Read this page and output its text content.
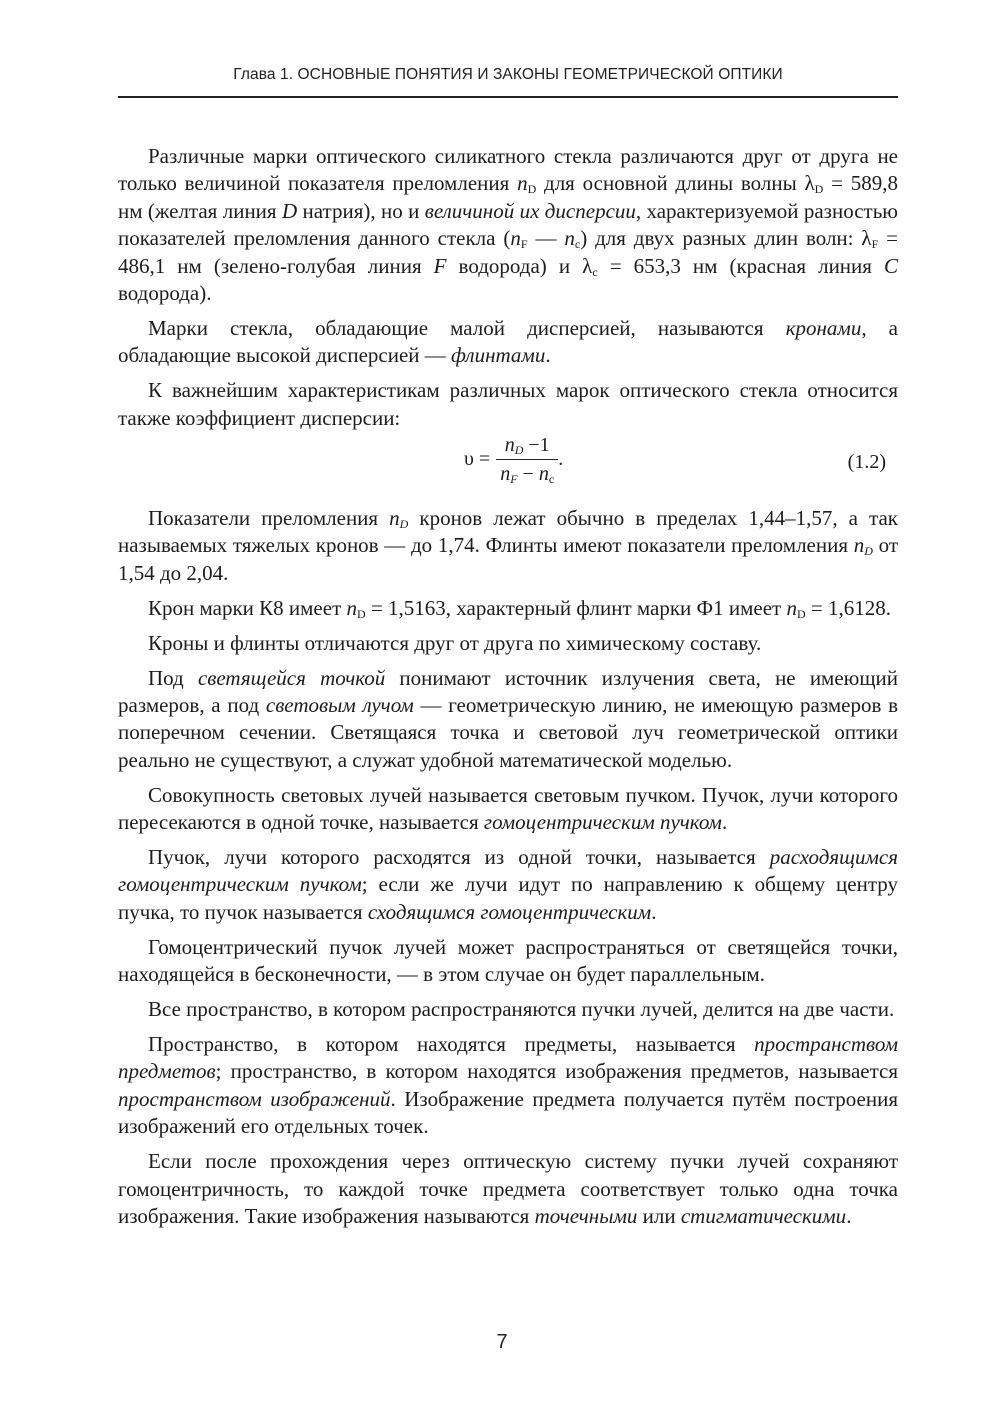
Глава 1. ОСНОВНЫЕ ПОНЯТИЯ И ЗАКОНЫ ГЕОМЕТРИЧЕСКОЙ ОПТИКИ

Различные марки оптического силикатного стекла различаются друг от друга не только величиной показателя преломления $n_D$ для основной длины волны $\lambda_D = 589,8$ нм (желтая линия D натрия), но и величиной их дисперсии, характеризуемой разностью показателей преломления данного стекла ($n_F$ — $n_c$) для двух разных длин волн: $\lambda_F = 486,1$ нм (зелено-голубая линия F водорода) и $\lambda_c = 653,3$ нм (красная линия C водорода).

Марки стекла, обладающие малой дисперсией, называются кронами, а обладающие высокой дисперсией — флинтами.

К важнейшим характеристикам различных марок оптического стекла относится также коэффициент дисперсии:

$\upsilon = \frac{n_D -1}{n_F - n_c}$ .	(1.2)

Показатели преломления $n_D$ кронов лежат обычно в пределах 1,44–1,57, а так называемых тяжелых кронов — до 1,74. Флинты имеют показатели преломления $n_D$ от 1,54 до 2,04.

Крон марки К8 имеет $n_D = 1,5163$, характерный флинт марки Ф1 имеет $n_D = 1,6128$.

Кроны и флинты отличаются друг от друга по химическому составу.

Под светящейся точкой понимают источник излучения света, не имеющий размеров, а под световым лучом — геометрическую линию, не имеющую размеров в поперечном сечении. Светящаяся точка и световой луч геометрической оптики реально не существуют, а служат удобной математической моделью.

Совокупность световых лучей называется световым пучком. Пучок, лучи которого пересекаются в одной точке, называется гомоцентрическим пучком.

Пучок, лучи которого расходятся из одной точки, называется расходящимся гомоцентрическим пучком; если же лучи идут по направлению к общему центру пучка, то пучок называется сходящимся гомоцентрическим.

Гомоцентрический пучок лучей может распространяться от светящейся точки, находящейся в бесконечности, — в этом случае он будет параллельным.

Все пространство, в котором распространяются пучки лучей, делится на две части.

Пространство, в котором находятся предметы, называется пространством предметов; пространство, в котором находятся изображения предметов, называется пространством изображений. Изображение предмета получается путём построения изображений его отдельных точек.

Если после прохождения через оптическую систему пучки лучей сохраняют гомоцентричность, то каждой точке предмета соответствует только одна точка изображения. Такие изображения называются точечными или стигматическими.

7
